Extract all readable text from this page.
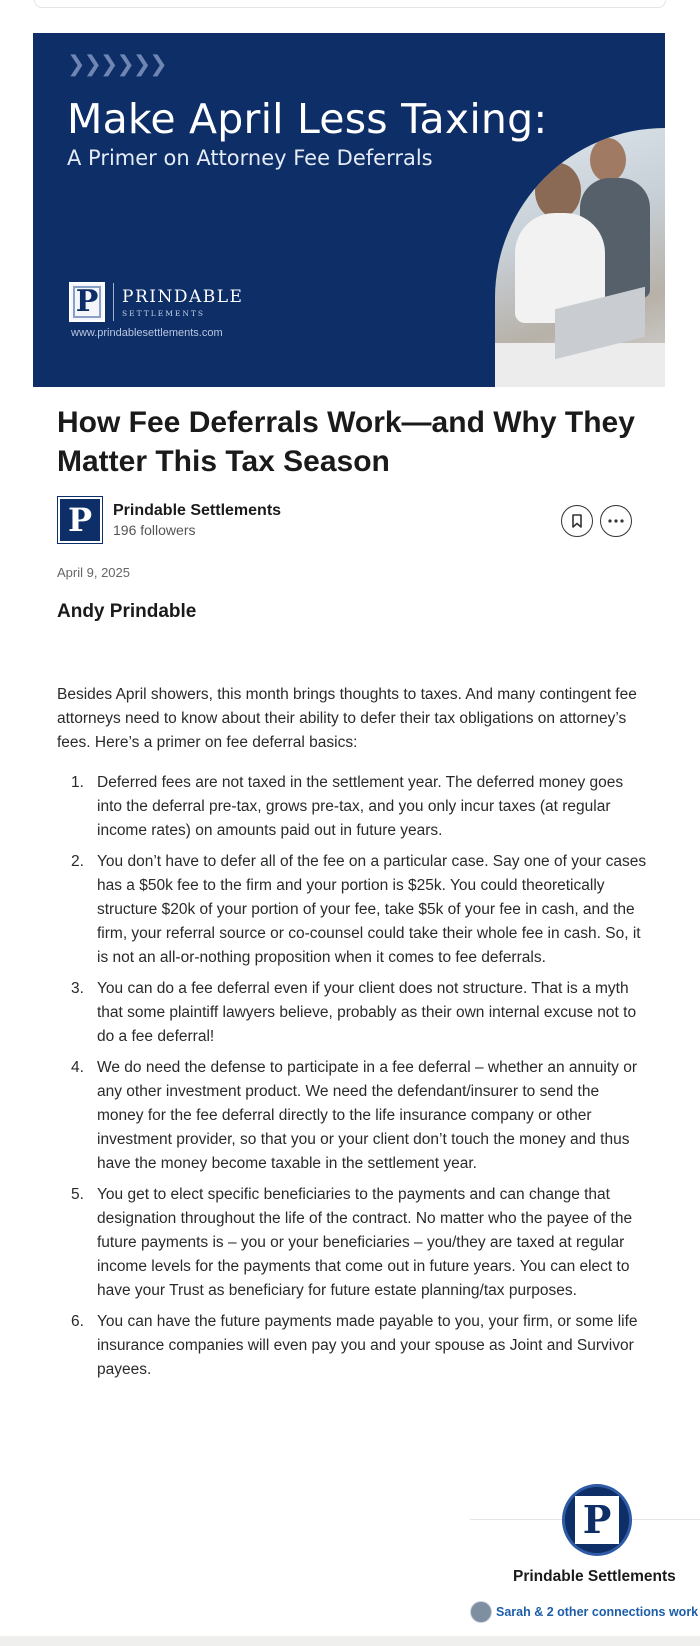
❯ ❯ ❯ ❯ ❯ ❯
Make April Less Taxing:
A Primer on Attorney Fee Deferrals
P PRINDABLE
SETTLEMENTS
www.prindablesettlements.com
How Fee Deferrals Work—and Why They Matter This Tax Season
P Prindable Settlements
196 followers
April 9, 2025
Andy Prindable

Besides April showers, this month brings thoughts to taxes. And many contingent fee attorneys need to know about their ability to defer their tax obligations on attorney’s fees. Here’s a primer on fee deferral basics:

1. Deferred fees are not taxed in the settlement year. The deferred money goes into the deferral pre-tax, grows pre-tax, and you only incur taxes (at regular income rates) on amounts paid out in future years.
2. You don’t have to defer all of the fee on a particular case. Say one of your cases has a $50k fee to the firm and your portion is $25k. You could theoretically structure $20k of your portion of your fee, take $5k of your fee in cash, and the firm, your referral source or co-counsel could take their whole fee in cash. So, it is not an all-or-nothing proposition when it comes to fee deferrals.
3. You can do a fee deferral even if your client does not structure. That is a myth that some plaintiff lawyers believe, probably as their own internal excuse not to do a fee deferral!
4. We do need the defense to participate in a fee deferral – whether an annuity or any other investment product. We need the defendant/insurer to send the money for the fee deferral directly to the life insurance company or other investment provider, so that you or your client don’t touch the money and thus have the money become taxable in the settlement year.
5. You get to elect specific beneficiaries to the payments and can change that designation throughout the life of the contract. No matter who the payee of the future payments is – you or your beneficiaries – you/they are taxed at regular income levels for the payments that come out in future years. You can elect to have your Trust as beneficiary for future estate planning/tax purposes.
6. You can have the future payments made payable to you, your firm, or some life insurance companies will even pay you and your spouse as Joint and Survivor payees.
P
Prindable Settlements
Sarah & 2 other connections work
